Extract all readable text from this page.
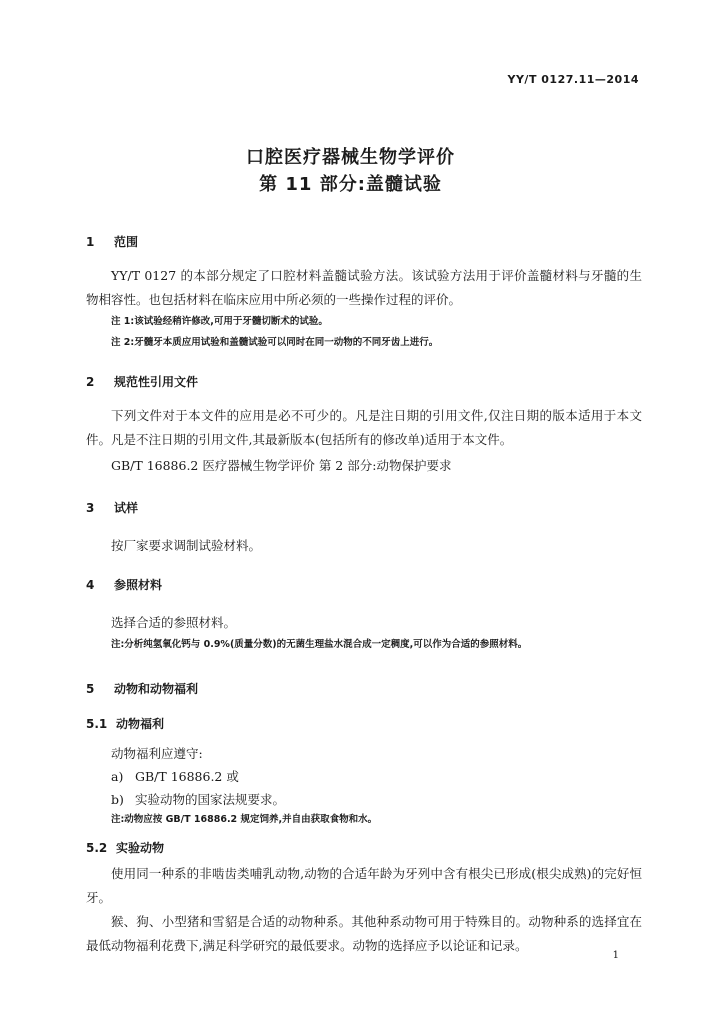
YY/T 0127.11—2014
口腔医疗器械生物学评价
第 11 部分:盖髓试验
1 范围
YY/T 0127 的本部分规定了口腔材料盖髓试验方法。该试验方法用于评价盖髓材料与牙髓的生物相容性。也包括材料在临床应用中所必须的一些操作过程的评价。
注 1:该试验经稍许修改,可用于牙髓切断术的试验。
注 2:牙髓牙本质应用试验和盖髓试验可以同时在同一动物的不同牙齿上进行。
2 规范性引用文件
下列文件对于本文件的应用是必不可少的。凡是注日期的引用文件,仅注日期的版本适用于本文件。凡是不注日期的引用文件,其最新版本(包括所有的修改单)适用于本文件。
GB/T 16886.2 医疗器械生物学评价 第 2 部分:动物保护要求
3 试样
按厂家要求调制试验材料。
4 参照材料
选择合适的参照材料。
注:分析纯氢氧化钙与 0.9%(质量分数)的无菌生理盐水混合成一定稠度,可以作为合适的参照材料。
5 动物和动物福利
5.1 动物福利
动物福利应遵守:
a) GB/T 16886.2 或
b) 实验动物的国家法规要求。
注:动物应按 GB/T 16886.2 规定饲养,并自由获取食物和水。
5.2 实验动物
使用同一种系的非啮齿类哺乳动物,动物的合适年龄为牙列中含有根尖已形成(根尖成熟)的完好恒牙。
猴、狗、小型猪和雪貂是合适的动物种系。其他种系动物可用于特殊目的。动物种系的选择宜在最低动物福利花费下,满足科学研究的最低要求。动物的选择应予以论证和记录。
1
